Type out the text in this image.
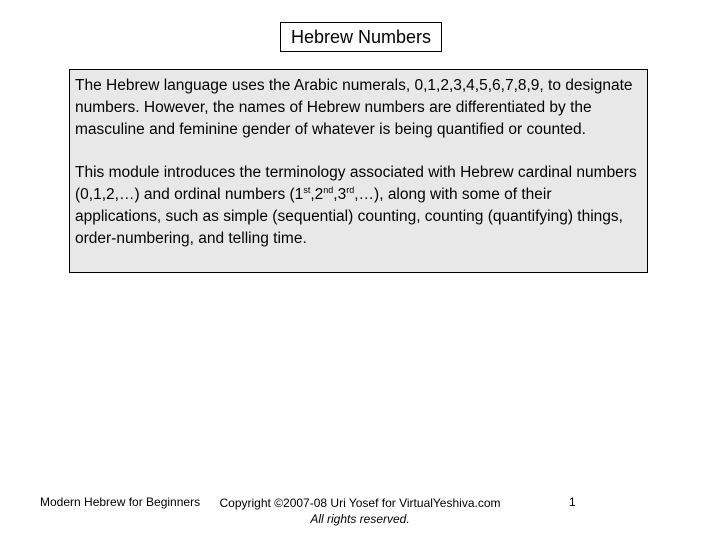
Hebrew Numbers

The Hebrew language uses the Arabic numerals, 0,1,2,3,4,5,6,7,8,9, to designate numbers. However, the names of Hebrew numbers are differentiated by the masculine and feminine gender of whatever is being quantified or counted.

This module introduces the terminology associated with Hebrew cardinal numbers (0,1,2,…) and ordinal numbers (1st,2nd,3rd,…), along with some of their applications, such as simple (sequential) counting, counting (quantifying) things, order-numbering, and telling time.

Modern Hebrew for Beginners	Copyright ©2007-08 Uri Yosef for VirtualYeshiva.com
All rights reserved.
1
